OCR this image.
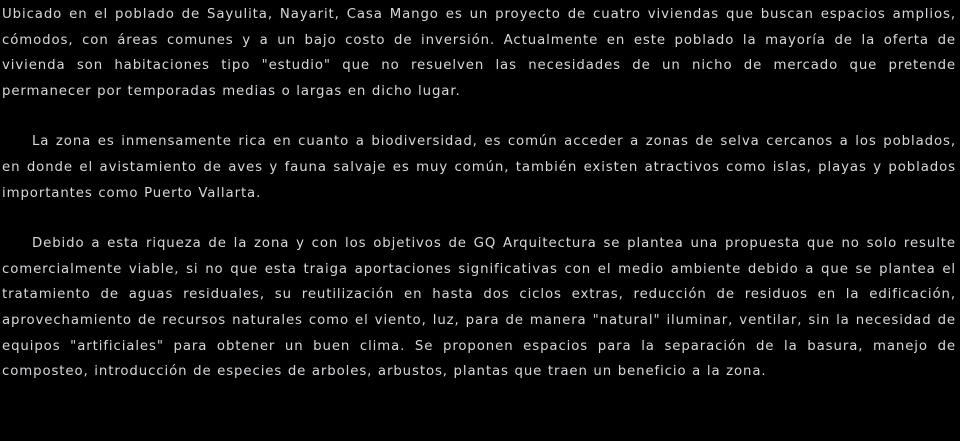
Ubicado en el poblado de Sayulita, Nayarit, Casa Mango es un proyecto de cuatro viviendas que buscan espacios amplios, cómodos, con áreas comunes y a un bajo costo de inversión. Actualmente en este poblado la mayoría de la oferta de vivienda son habitaciones tipo "estudio" que no resuelven las necesidades de un nicho de mercado que pretende permanecer por temporadas medias o largas en dicho lugar.

La zona es inmensamente rica en cuanto a biodiversidad, es común acceder a zonas de selva cercanos a los poblados, en donde el avistamiento de aves y fauna salvaje es muy común, también existen atractivos como islas, playas y poblados importantes como Puerto Vallarta.

Debido a esta riqueza de la zona y con los objetivos de GQ Arquitectura se plantea una propuesta que no solo resulte comercialmente viable, si no que esta traiga aportaciones significativas con el medio ambiente debido a que se plantea el tratamiento de aguas residuales, su reutilización en hasta dos ciclos extras, reducción de residuos en la edificación, aprovechamiento de recursos naturales como el viento, luz, para de manera "natural" iluminar, ventilar, sin la necesidad de equipos "artificiales" para obtener un buen clima. Se proponen espacios para la separación de la basura, manejo de composteo, introducción de especies de arboles, arbustos, plantas que traen un beneficio a la zona.
